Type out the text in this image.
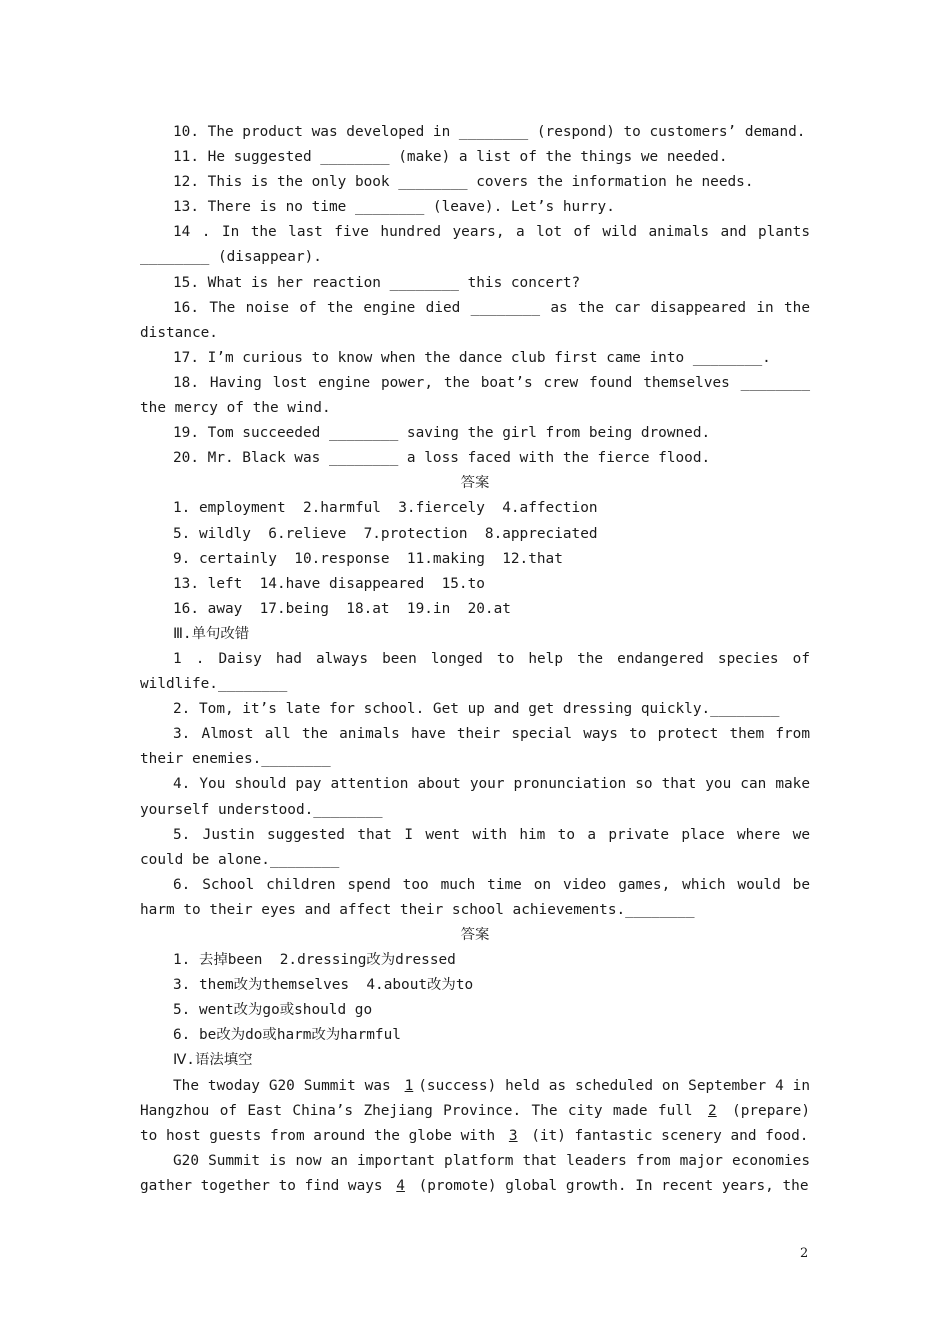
10. The product was developed in ________ (respond) to customers’ demand.

11. He suggested ________ (make) a list of the things we needed.

12. This is the only book ________ covers the information he needs.

13. There is no time ________ (leave). Let’s hurry.

14 . In the last five hundred years, a lot of wild animals and plants ________ (disappear).

15. What is her reaction ________ this concert?

16. The noise of the engine died ________ as the car disappeared in the distance.

17. I’m curious to know when the dance club first came into ________.

18. Having lost engine power, the boat’s crew found themselves ________ the mercy of the wind.

19. Tom succeeded ________ saving the girl from being drowned.

20. Mr. Black was ________ a loss faced with the fierce flood.

答案

1. employment  2.harmful  3.fiercely  4.affection

5. wildly  6.relieve  7.protection  8.appreciated

9. certainly  10.response  11.making  12.that

13. left  14.have disappeared  15.to

16. away  17.being  18.at  19.in  20.at

Ⅲ.单句改错

1 . Daisy had always been longed to help the endangered species of wildlife.________

2. Tom, it’s late for school. Get up and get dressing quickly.________

3. Almost all the animals have their special ways to protect them from their enemies.________

4. You should pay attention about your pronunciation so that you can make yourself understood.________

5. Justin suggested that I went with him to a private place where we could be alone.________

6. School children spend too much time on video games, which would be harm to their eyes and affect their school achievements.________

答案

1. 去掉been  2.dressing改为dressed

3. them改为themselves  4.about改为to

5. went改为go或should go

6. be改为do或harm改为harmful

Ⅳ.语法填空

The twoday G20 Summit was 1 (success) held as scheduled on September 4 in Hangzhou of East China’s Zhejiang Province. The city made full 2 (prepare) to host guests from around the globe with 3 (it) fantastic scenery and food.

G20 Summit is now an important platform that leaders from major economies gather together to find ways 4 (promote) global growth. In recent years, the

2
